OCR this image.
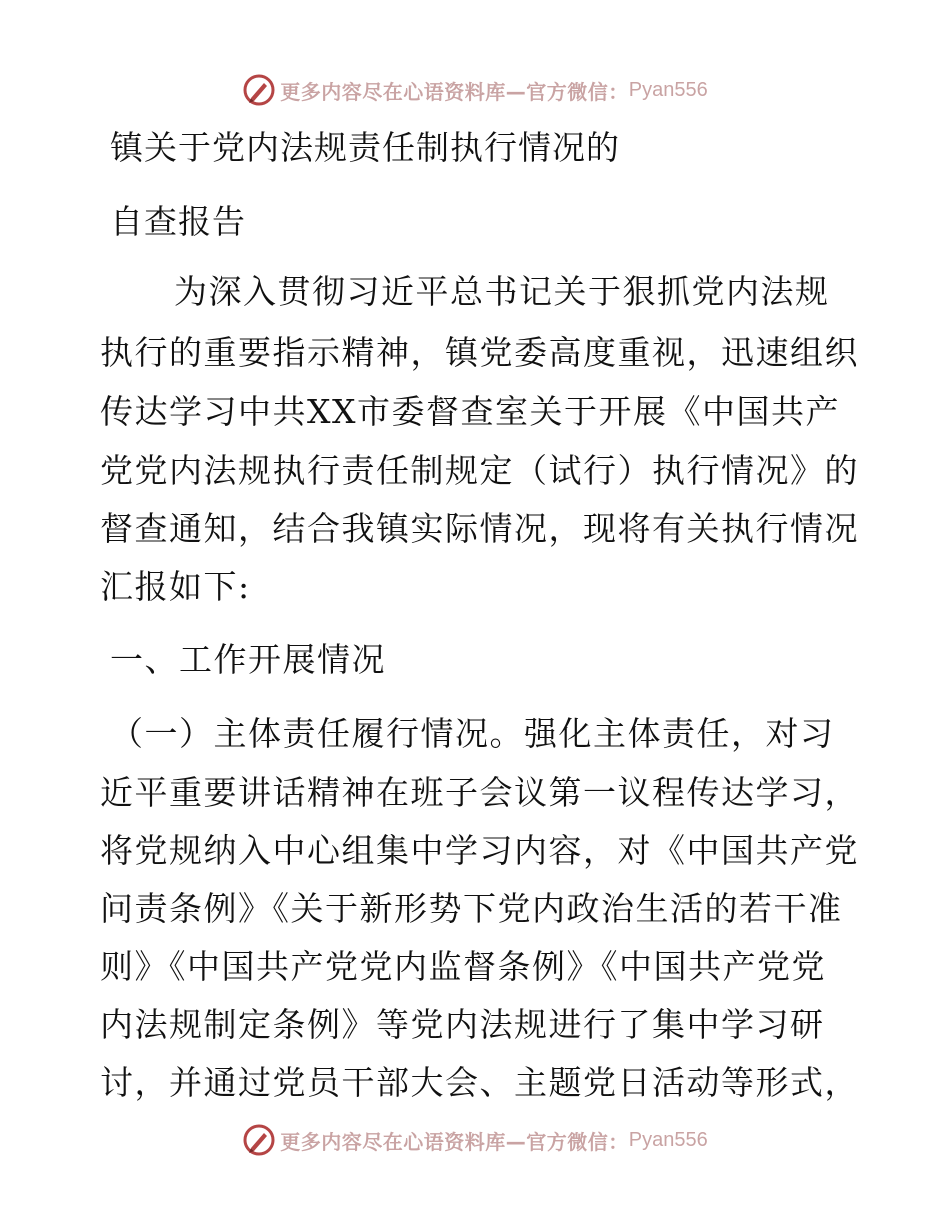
更多内容尽在心语资料库—官方微信： Pyan556
镇关于党内法规责任制执行情况的
自查报告
为深入贯彻习近平总书记关于狠抓党内法规
执行的重要指示精神，镇党委高度重视，迅速组织
传达学习中共XX市委督查室关于开展《中国共产
党党内法规执行责任制规定（试行）执行情况》的
督查通知，结合我镇实际情况，现将有关执行情况
汇报如下:
一、工作开展情况
（一）主体责任履行情况。强化主体责任，对习
近平重要讲话精神在班子会议第一议程传达学习，
将党规纳入中心组集中学习内容，对《中国共产党
问责条例》《关于新形势下党内政治生活的若干准
则》《中国共产党党内监督条例》《中国共产党党
内法规制定条例》等党内法规进行了集中学习研
讨，并通过党员干部大会、主题党日活动等形式，
更多内容尽在心语资料库—官方微信： Pyan556
